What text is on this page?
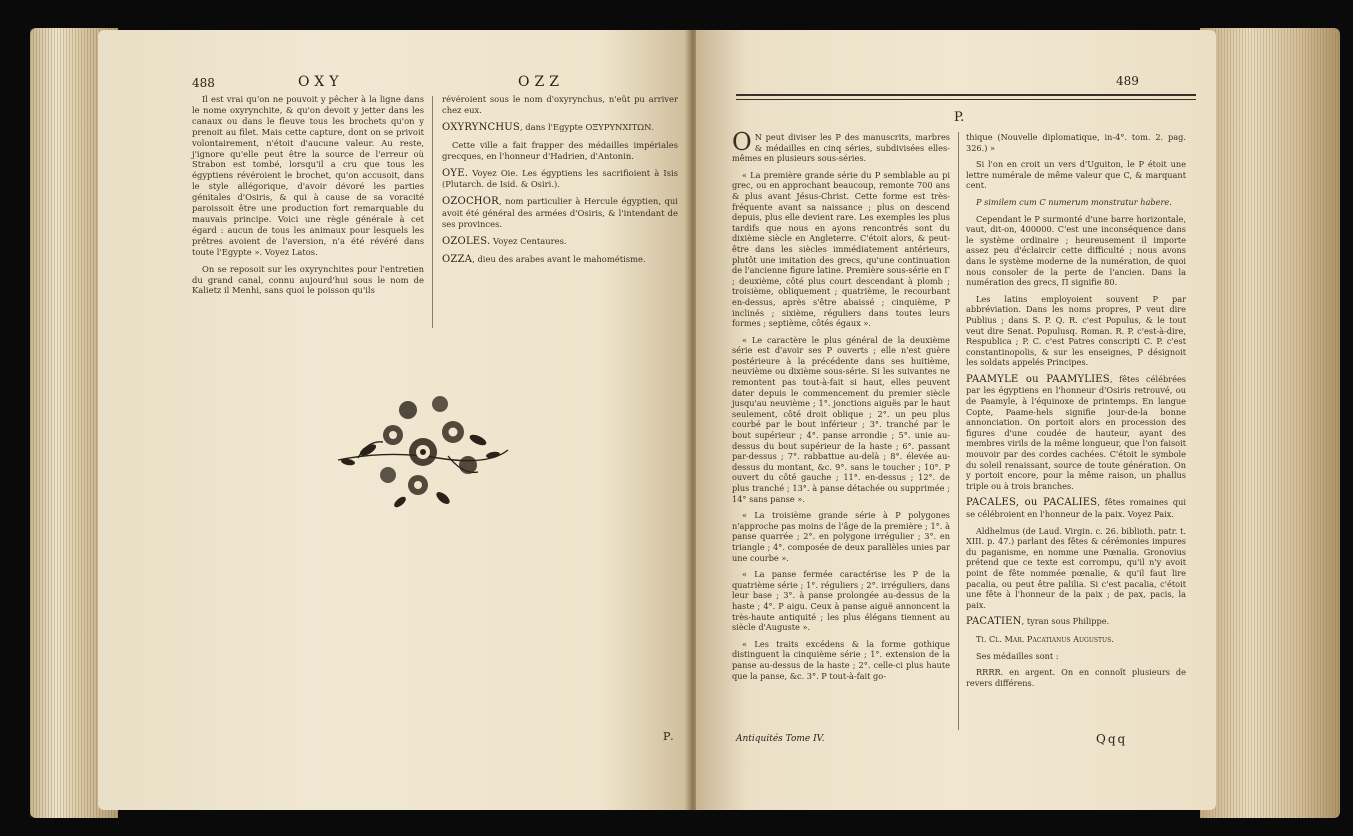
488	OXY	OZZ

Il est vrai qu'on ne pouvoit y pêcher à la ligne dans le nome oxyrynchite, & qu'on devoit y jetter dans les canaux ou dans le fleuve tous les brochets qu'on y prenoit au filet. Mais cette capture, dont on se privoit volontairement, n'étoit d'aucune valeur. Au reste, j'ignore qu'elle peut être la source de l'erreur où Strabon est tombé, lorsqu'il a cru que tous les égyptiens révéroient le brochet, qu'on accusoit, dans le style allégorique, d'avoir dévoré les parties génitales d'Osiris, & qui à cause de sa voracité paroissoit être une production fort remarquable du mauvais principe. Voici une règle générale à cet égard : aucun de tous les animaux pour lesquels les prêtres avoient de l'aversion, n'a été révéré dans toute l'Egypte ». Voyez Latos.

On se reposoit sur les oxyrynchites pour l'entretien du grand canal, connu aujourd'hui sous le nom de Kalietz il Menhi, sans quoi le poisson qu'ils

révéroient sous le nom d'oxyrynchus, n'eût pu arriver chez eux.

OXYRYNCHUS, dans l'Egypte ΟΞΥΡΥΝΧΙΤΩΝ.

Cette ville a fait frapper des médailles impériales grecques, en l'honneur d'Hadrien, d'Antonin.

OYE. Voyez Oie. Les égyptiens les sacrifioient à Isis (Plutarch. de Isid. & Osiri.).

OZOCHOR, nom particulier à Hercule égyptien, qui avoit été général des armées d'Osiris, & l'intendant de ses provinces.

OZOLES. Voyez Centaures.

OZZA, dieu des arabes avant le mahométisme.

P.
489
P.

O N peut diviser les P des manuscrits, marbres & médailles en cinq séries, subdivisées elles-mêmes en plusieurs sous-séries.

« La première grande série du P semblable au pi grec, ou en approchant beaucoup, remonte 700 ans & plus avant Jésus-Christ. Cette forme est très-fréquente avant sa naissance ; plus on descend depuis, plus elle devient rare. Les exemples les plus tardifs que nous en ayons rencontrés sont du dixième siècle en Angleterre. C'étoit alors, & peut-être dans les siècles immédiatement antérieurs, plutôt une imitation des grecs, qu'une continuation de l'ancienne figure latine. Première sous-série en Γ ; deuxième, côté plus court descendant à plomb ; troisième, obliquement ; quatrième, le recourbant en-dessus, après s'être abaissé ; cinquième, P inclinés ; sixième, réguliers dans toutes leurs formes ; septième, côtés égaux ».

« Le caractère le plus général de la deuxième série est d'avoir ses P ouverts ; elle n'est guère postérieure à la précédente dans ses huitième, neuvième ou dixième sous-série. Si les suivantes ne remontent pas tout-à-fait si haut, elles peuvent dater depuis le commencement du premier siècle jusqu'au neuvième ; 1°. jonctions aiguës par le haut seulement, côté droit oblique ; 2°. un peu plus courbé par le bout inférieur ; 3°. tranché par le bout supérieur ; 4°. panse arrondie ; 5°. unie au-dessus du bout supérieur de la haste ; 6°. passant par-dessus ; 7°. rabbattue au-delà ; 8°. élevée au-dessus du montant, &c. 9°. sans le toucher ; 10°. P ouvert du côté gauche ; 11°. en-dessus ; 12°. de plus tranché ; 13°. à panse détachée ou supprimée ; 14° sans panse ».

« La troisième grande série à P polygones n'approche pas moins de l'âge de la première ; 1°. à panse quarrée ; 2°. en polygone irrégulier ; 3°. en triangle ; 4°. composée de deux parallèles unies par une courbe ».

« La panse fermée caractérise les P de la quatrième série ; 1°. réguliers ; 2°. irréguliers, dans leur base ; 3°. à panse prolongée au-dessus de la haste ; 4°. P aigu. Ceux à panse aiguë annoncent la très-haute antiquité ; les plus élégans tiennent au siècle d'Auguste ».

« Les traits excédens & la forme gothique distinguent la cinquième série ; 1°. extension de la panse au-dessus de la haste ; 2°. celle-ci plus haute que la panse, &c. 3°. P tout-à-fait go-

thique (Nouvelle diplomatique, in-4°. tom. 2. pag. 326.) »

Si l'on en croit un vers d'Uguiton, le P étoit une lettre numérale de même valeur que C, & marquant cent.

P similem cum C numerum monstratur habere.

Cependant le P surmonté d'une barre horizontale, vaut, dit-on, 400000. C'est une inconséquence dans le système ordinaire ; heureusement il importe assez peu d'éclaircir cette difficulté ; nous avons dans le système moderne de la numération, de quoi nous consoler de la perte de l'ancien. Dans la numération des grecs, Π signifie 80.

Les latins employoient souvent P par abbréviation. Dans les noms propres, P veut dire Publius ; dans S. P. Q. R. c'est Populus, & le tout veut dire Senat. Populusq. Roman. R. P. c'est-à-dire, Respublica ; P. C. c'est Patres conscripti C. P. c'est constantinopolis, & sur les enseignes, P désignoit les soldats appelés Principes.

PAAMYLE ou PAAMYLIES, fêtes célébrées par les égyptiens en l'honneur d'Osiris retrouvé, ou de Paamyle, à l'équinoxe de printemps. En langue Copte, Paame-hels signifie jour-de-la bonne annonciation. On portoit alors en procession des figures d'une coudée de hauteur, ayant des membres virils de la même longueur, que l'on faisoit mouvoir par des cordes cachées. C'étoit le symbole du soleil renaissant, source de toute génération. On y portoit encore, pour la même raison, un phallus triple ou à trois branches.

PACALES, ou PACALIES, fêtes romaines qui se célébroient en l'honneur de la paix. Voyez Paix.

Aldhelmus (de Laud. Virgin. c. 26. biblioth. patr. t. XIII. p. 47.) parlant des fêtes & cérémonies impures du paganisme, en nomme une Pœnalia. Gronovius prétend que ce texte est corrompu, qu'il n'y avoit point de fête nommée pœnalie, & qu'il faut lire pacalia, ou peut être palilia. Si c'est pacalia, c'étoit une fête à l'honneur de la paix ; de pax, pacis, la paix.

PACATIEN, tyran sous Philippe.

Ti. Cl. Mar. Pacatianus Augustus.

Ses médailles sont :

RRRR. en argent. On en connoît plusieurs de revers différens.

Antiquités Tome IV.	Qqq
